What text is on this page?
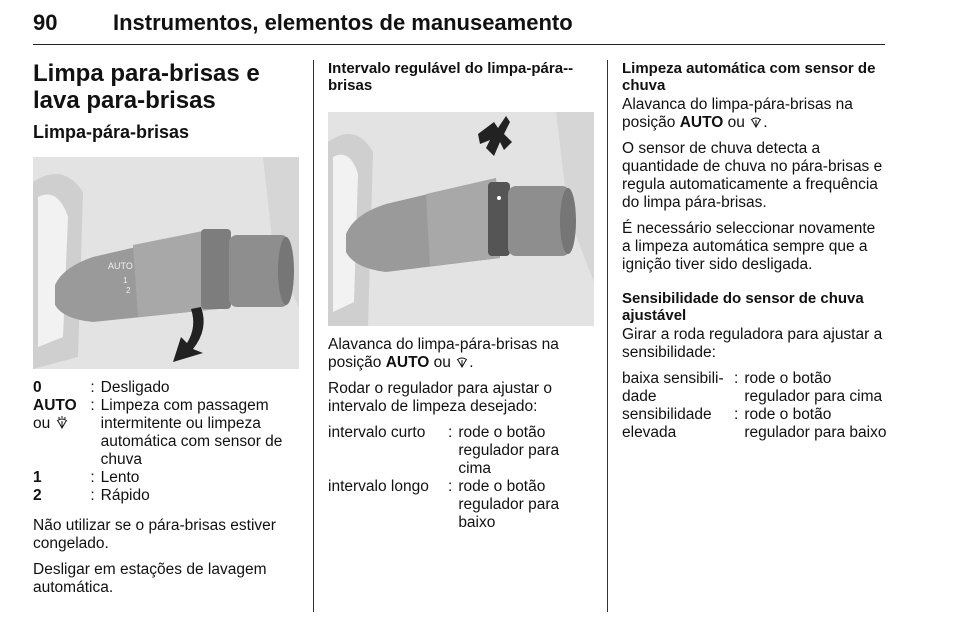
90	Instrumentos, elementos de manuseamento
Limpa para-brisas e lava para-brisas
Limpa-pára-brisas
AUTO
1
2
0	:	Desligado
AUTO ou	:	Limpeza com passagem intermitente ou limpeza automática com sensor de chuva
1	:	Lento
2	:	Rápido

Não utilizar se o pára-brisas estiver congelado.

Desligar em estações de lavagem automática.

Intervalo regulável do limpa-pára--brisas

Alavanca do limpa-pára-brisas na posição AUTO ou .

Rodar o regulador para ajustar o intervalo de limpeza desejado:

intervalo curto	:	rode o botão regulador para cima
intervalo longo	:	rode o botão regulador para baixo
Limpeza automática com sensor de chuva

Alavanca do limpa-pára-brisas na posição AUTO ou .

O sensor de chuva detecta a quantidade de chuva no pára-brisas e regula automaticamente a frequência do limpa pára-brisas.

É necessário seleccionar novamente a limpeza automática sempre que a ignição tiver sido desligada.

Sensibilidade do sensor de chuva ajustável

Girar a roda reguladora para ajustar a sensibilidade:

baixa sensibili-dade	:	rode o botão regulador para cima
sensibilidade elevada	:	rode o botão regulador para baixo
